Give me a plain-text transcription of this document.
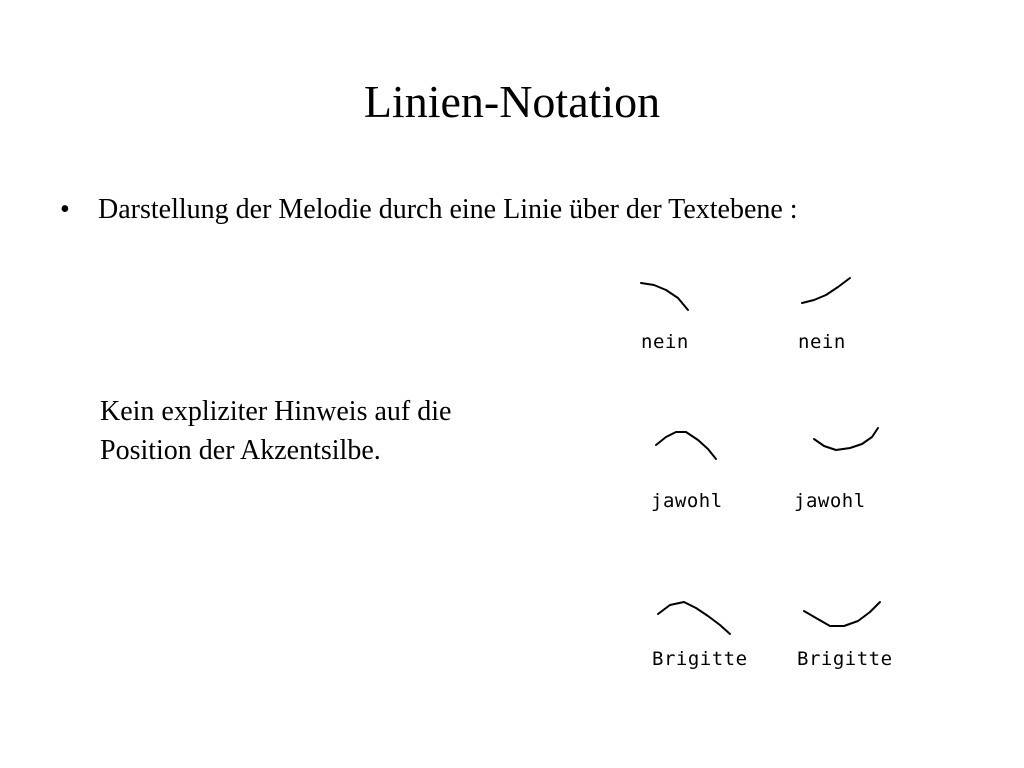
Linien-Notation
• Darstellung der Melodie durch eine Linie über der Textebene :
Kein expliziter Hinweis auf die
Position der Akzentsilbe.
nein	nein
jawohl	jawohl
Brigitte	Brigitte
